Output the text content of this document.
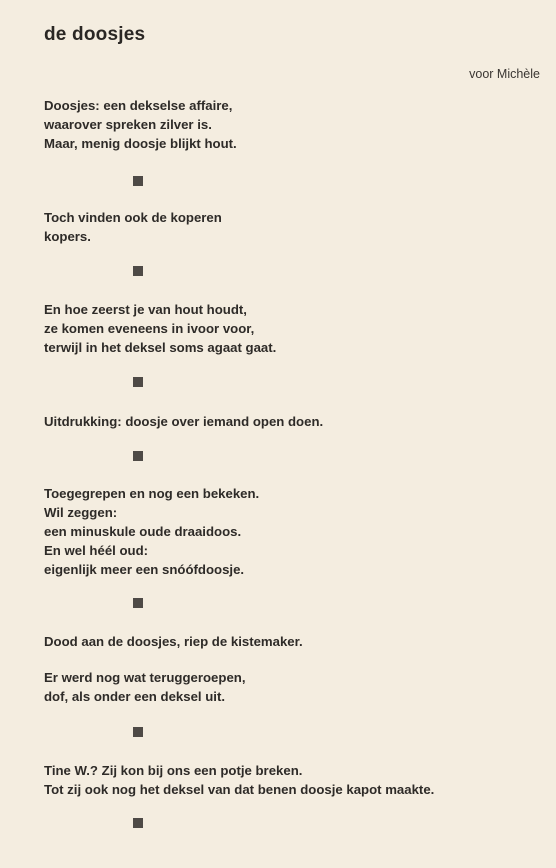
de doosjes
voor Michèle
Doosjes: een dekselse affaire,
waarover spreken zilver is.
Maar, menig doosje blijkt hout.
Toch vinden ook de koperen
kopers.
En hoe zeerst je van hout houdt,
ze komen eveneens in ivoor voor,
terwijl in het deksel soms agaat gaat.
Uitdrukking: doosje over iemand open doen.
Toegegrepen en nog een bekeken.
Wil zeggen:
een minuskule oude draaidoos.
En wel héél oud:
eigenlijk meer een snóófdoosje.
Dood aan de doosjes, riep de kistemaker.
Er werd nog wat teruggeroepen,
dof, als onder een deksel uit.
Tine W.? Zij kon bij ons een potje breken.
Tot zij ook nog het deksel van dat benen doosje kapot maakte.
